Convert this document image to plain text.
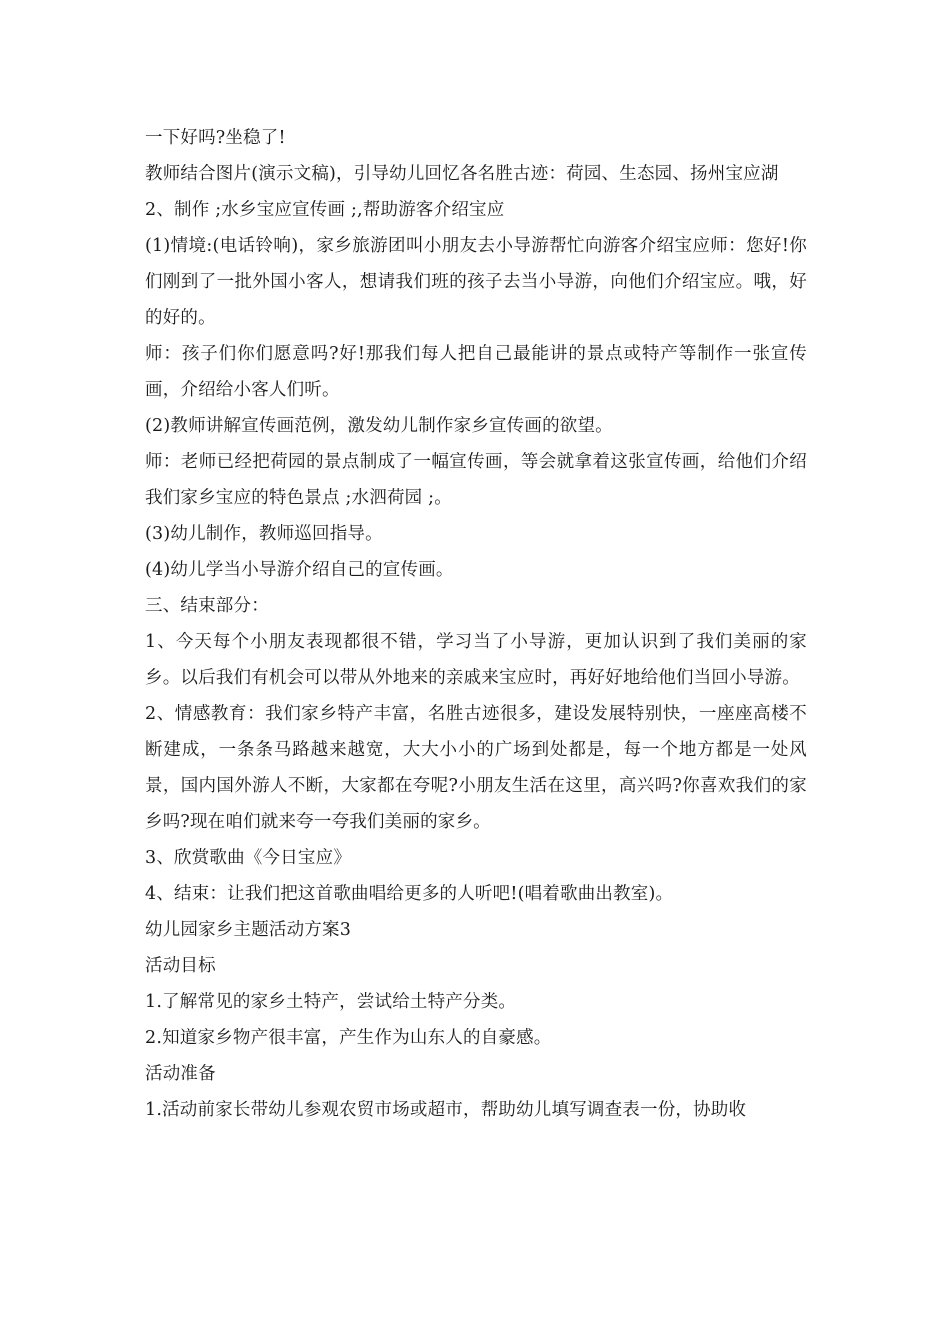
一下好吗?坐稳了!

教师结合图片(演示文稿)，引导幼儿回忆各名胜古迹：荷园、生态园、扬州宝应湖

2、制作 ;水乡宝应宣传画 ;,帮助游客介绍宝应

(1)情境:(电话铃响)，家乡旅游团叫小朋友去小导游帮忙向游客介绍宝应师：您好!你们刚到了一批外国小客人，想请我们班的孩子去当小导游，向他们介绍宝应。哦，好的好的。

师：孩子们你们愿意吗?好!那我们每人把自己最能讲的景点或特产等制作一张宣传画，介绍给小客人们听。

(2)教师讲解宣传画范例，激发幼儿制作家乡宣传画的欲望。

师：老师已经把荷园的景点制成了一幅宣传画，等会就拿着这张宣传画，给他们介绍我们家乡宝应的特色景点 ;水泗荷园 ;。

(3)幼儿制作，教师巡回指导。

(4)幼儿学当小导游介绍自己的宣传画。

三、结束部分：

1、今天每个小朋友表现都很不错，学习当了小导游，更加认识到了我们美丽的家乡。以后我们有机会可以带从外地来的亲戚来宝应时，再好好地给他们当回小导游。

2、情感教育：我们家乡特产丰富，名胜古迹很多，建设发展特别快，一座座高楼不断建成，一条条马路越来越宽，大大小小的广场到处都是，每一个地方都是一处风景，国内国外游人不断，大家都在夸呢?小朋友生活在这里，高兴吗?你喜欢我们的家乡吗?现在咱们就来夸一夸我们美丽的家乡。

3、欣赏歌曲《今日宝应》

4、结束：让我们把这首歌曲唱给更多的人听吧!(唱着歌曲出教室)。

幼儿园家乡主题活动方案3

活动目标

1.了解常见的家乡土特产，尝试给土特产分类。

2.知道家乡物产很丰富，产生作为山东人的自豪感。

活动准备

1.活动前家长带幼儿参观农贸市场或超市，帮助幼儿填写调查表一份，协助收
